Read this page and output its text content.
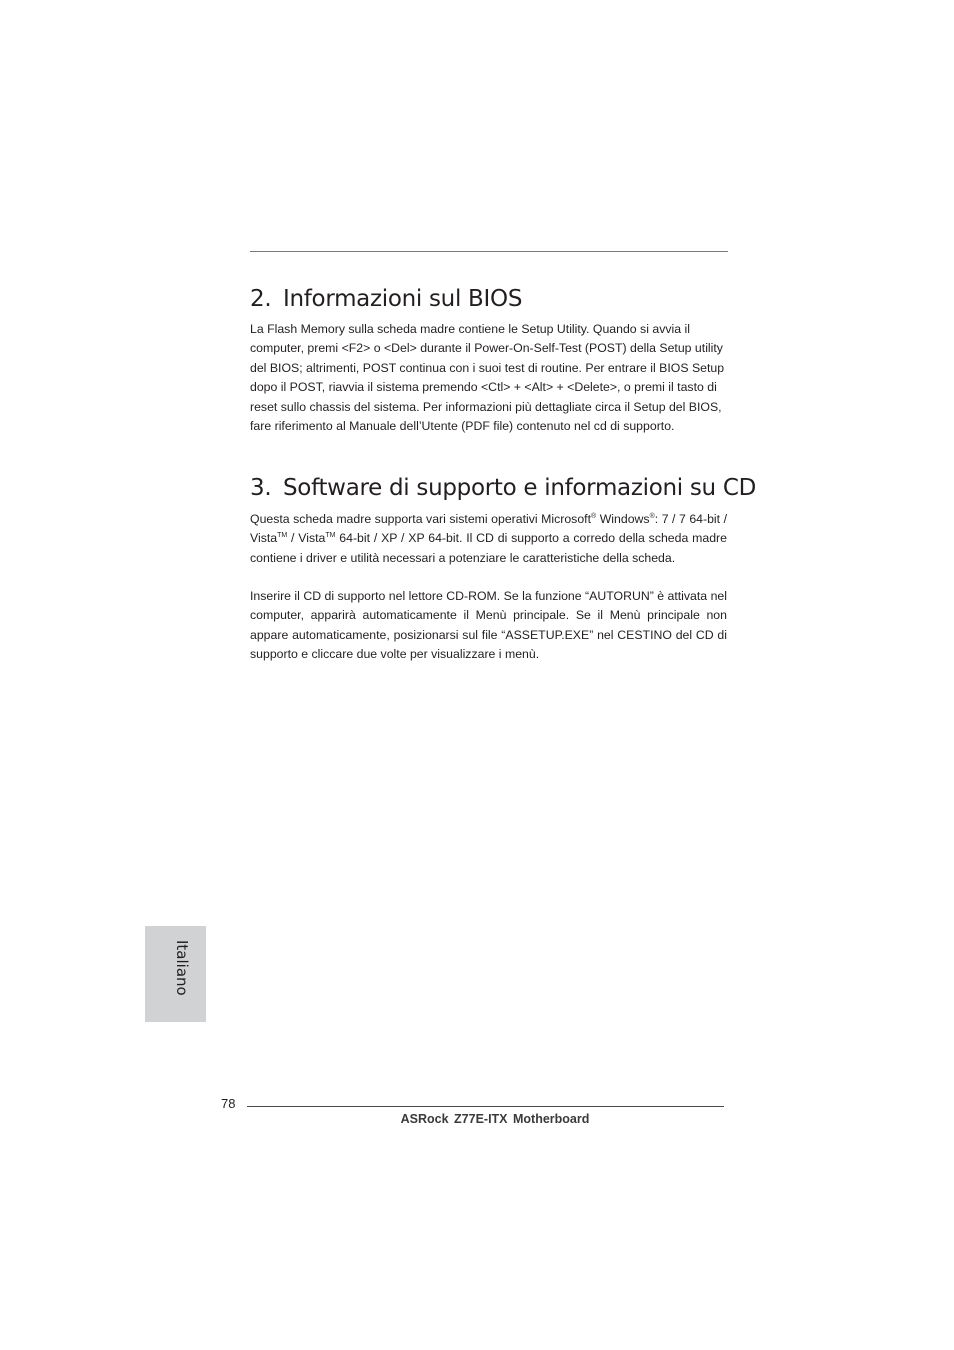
2. Informazioni sul BIOS

La Flash Memory sulla scheda madre contiene le Setup Utility. Quando si avvia il computer, premi <F2> o <Del> durante il Power-On-Self-Test (POST) della Setup utility del BIOS; altrimenti, POST continua con i suoi test di routine. Per entrare il BIOS Setup dopo il POST, riavvia il sistema premendo <Ctl> + <Alt> + <Delete>, o premi il tasto di reset sullo chassis del sistema. Per informazioni più dettagliate circa il Setup del BIOS, fare riferimento al Manuale dell’Utente (PDF file) contenuto nel cd di supporto.

3. Software di supporto e informazioni su CD

Questa scheda madre supporta vari sistemi operativi Microsoft® Windows®: 7 / 7 64-bit / Vista™ / Vista™ 64-bit / XP / XP 64-bit. Il CD di supporto a corredo della scheda madre contiene i driver e utilità necessari a potenziare le caratteristiche della scheda.

Inserire il CD di supporto nel lettore CD-ROM. Se la funzione “AUTORUN” è attivata nel computer, apparirà automaticamente il Menù principale. Se il Menù principale non appare automaticamente, posizionarsi sul file “ASSETUP.EXE” nel CESTINO del CD di supporto e cliccare due volte per visualizzare i menù.

Italiano
78
ASRock Z77E-ITX Motherboard
